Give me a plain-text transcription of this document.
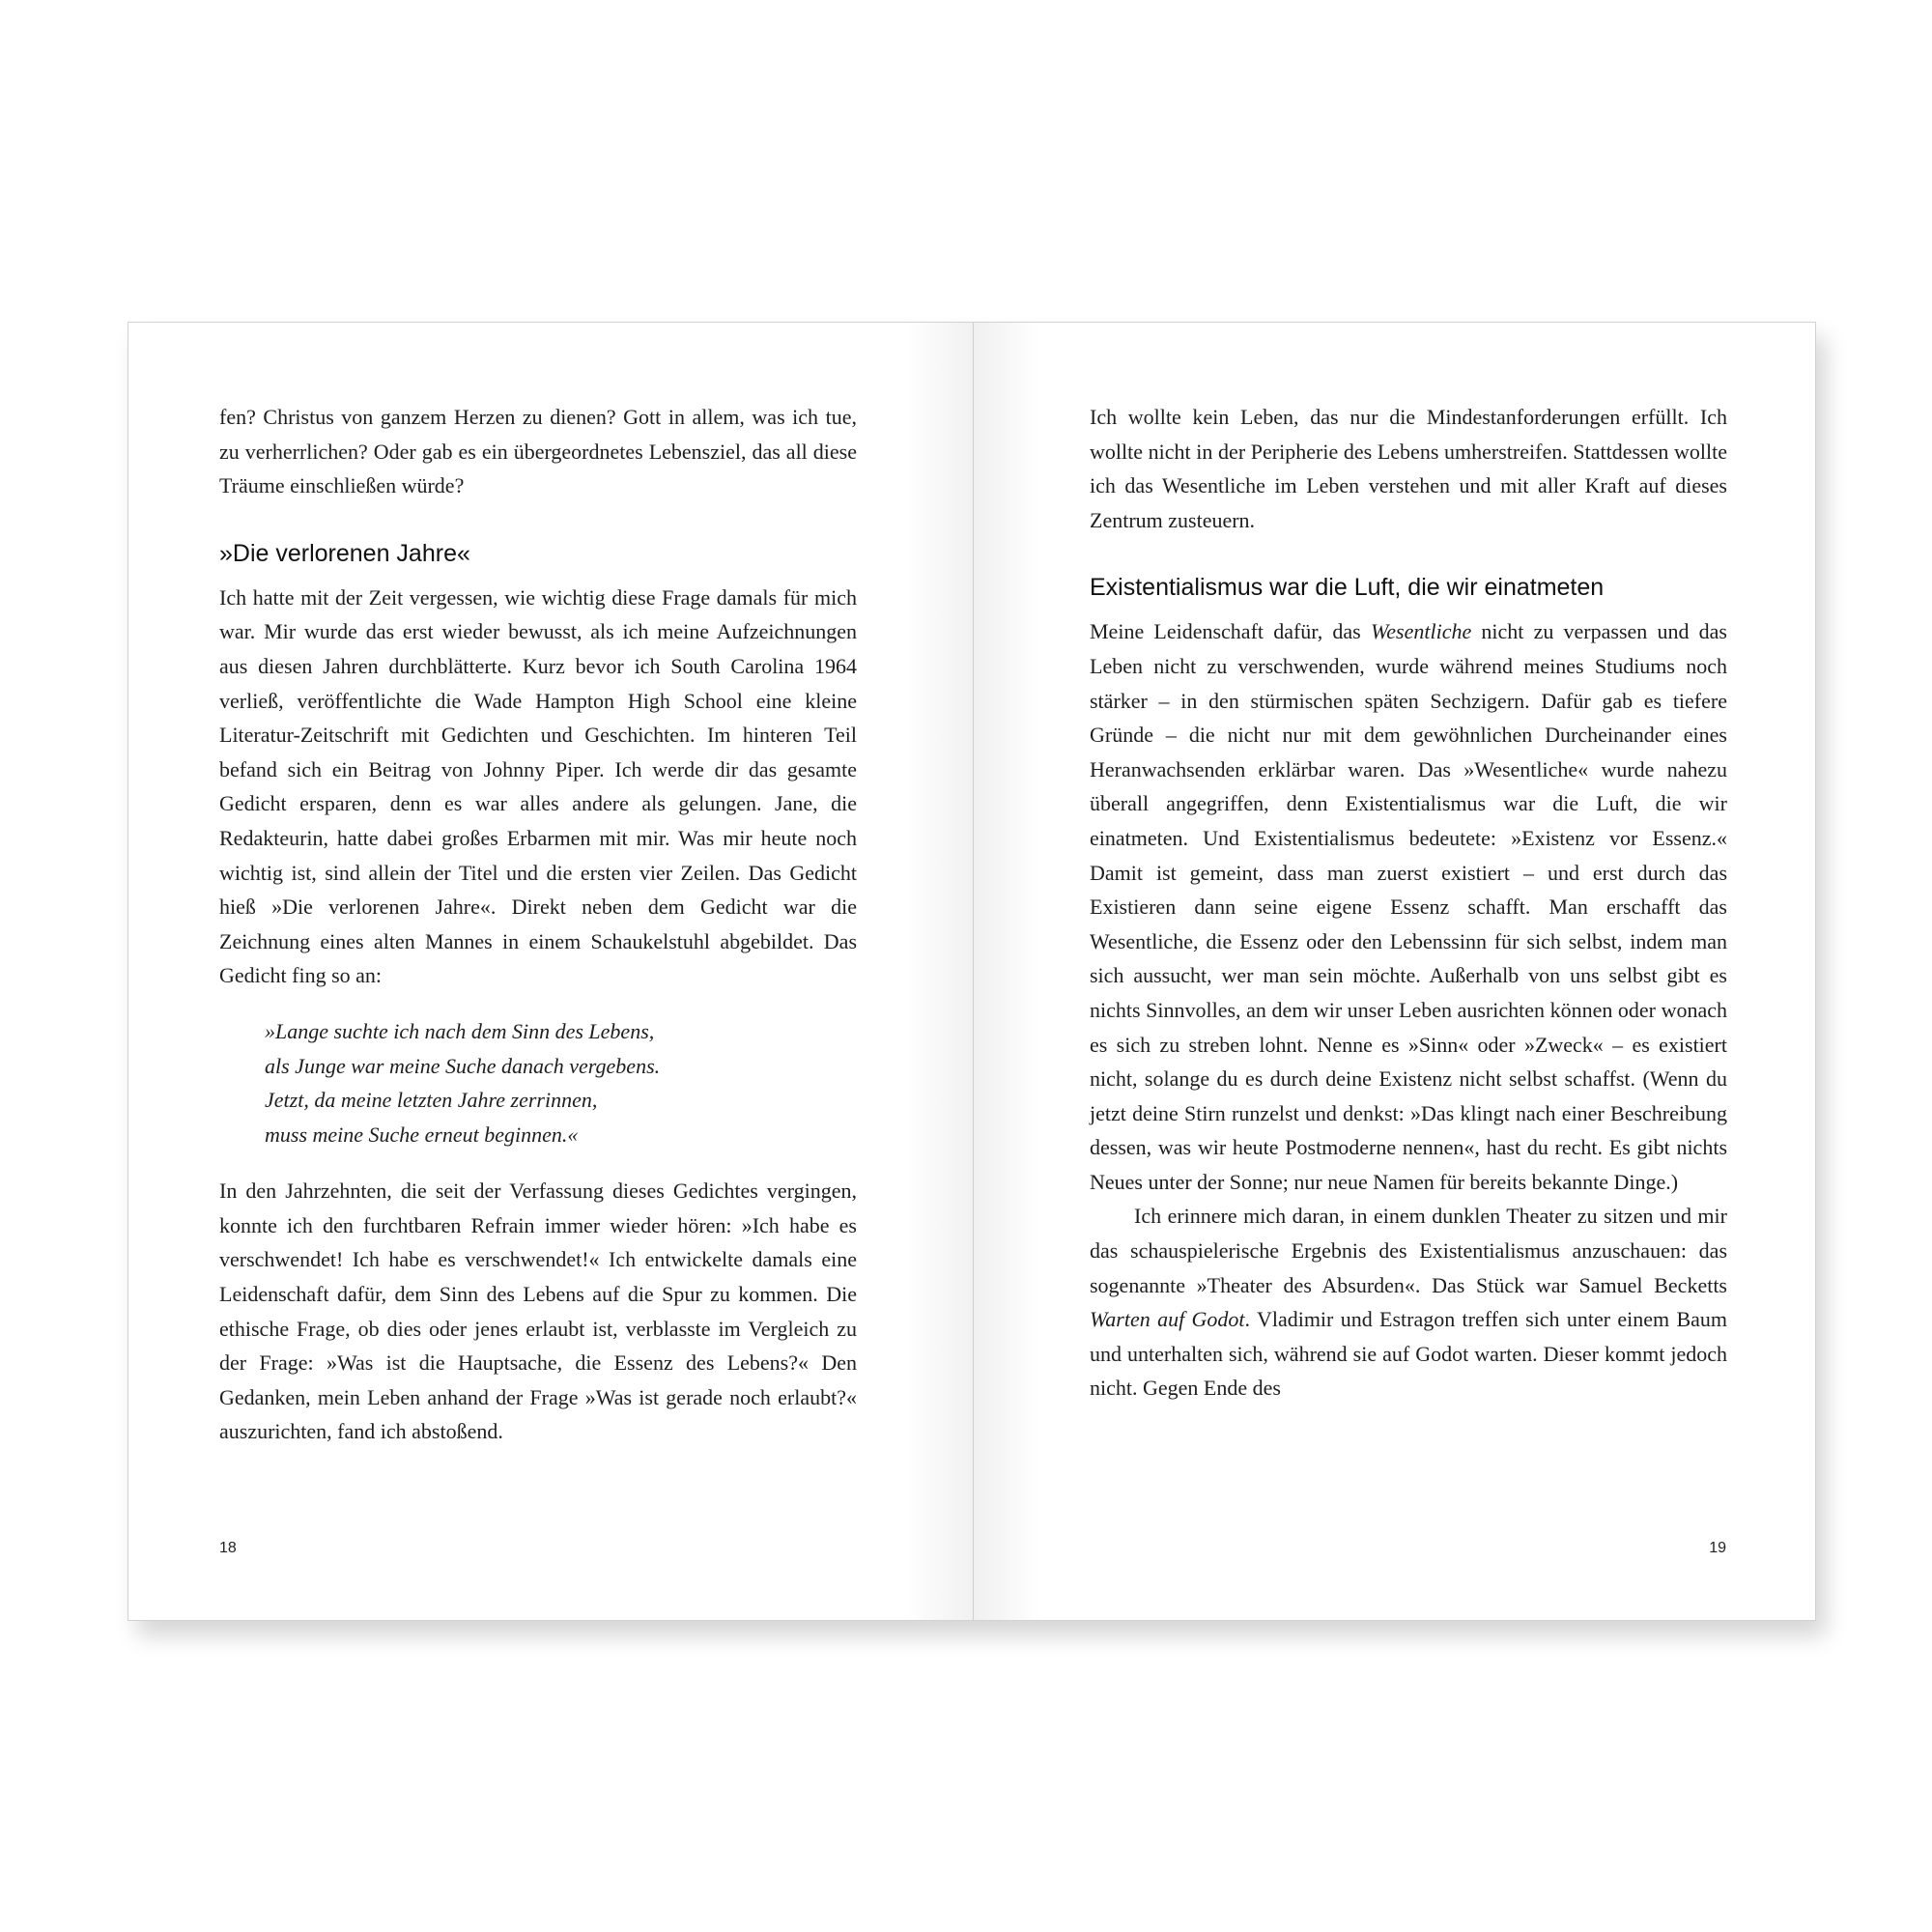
fen? Christus von ganzem Herzen zu dienen? Gott in allem, was ich tue, zu verherrlichen? Oder gab es ein übergeordnetes Lebensziel, das all diese Träume einschließen würde?

»Die verlorenen Jahre«

Ich hatte mit der Zeit vergessen, wie wichtig diese Frage damals für mich war. Mir wurde das erst wieder bewusst, als ich meine Aufzeichnungen aus diesen Jahren durchblätterte. Kurz bevor ich South Carolina 1964 verließ, veröffentlichte die Wade Hampton High School eine kleine Literatur-Zeitschrift mit Gedichten und Geschichten. Im hinteren Teil befand sich ein Beitrag von Johnny Piper. Ich werde dir das gesamte Gedicht ersparen, denn es war alles andere als gelungen. Jane, die Redakteurin, hatte dabei großes Erbarmen mit mir. Was mir heute noch wichtig ist, sind allein der Titel und die ersten vier Zeilen. Das Gedicht hieß »Die verlorenen Jahre«. Direkt neben dem Gedicht war die Zeichnung eines alten Mannes in einem Schaukelstuhl abgebildet. Das Gedicht fing so an:

»Lange suchte ich nach dem Sinn des Lebens,
als Junge war meine Suche danach vergebens.
Jetzt, da meine letzten Jahre zerrinnen,
muss meine Suche erneut beginnen.«

In den Jahrzehnten, die seit der Verfassung dieses Gedichtes vergingen, konnte ich den furchtbaren Refrain immer wieder hören: »Ich habe es verschwendet! Ich habe es verschwendet!« Ich entwickelte damals eine Leidenschaft dafür, dem Sinn des Lebens auf die Spur zu kommen. Die ethische Frage, ob dies oder jenes erlaubt ist, verblasste im Vergleich zu der Frage: »Was ist die Hauptsache, die Essenz des Lebens?« Den Gedanken, mein Leben anhand der Frage »Was ist gerade noch erlaubt?« auszurichten, fand ich abstoßend.

18

Ich wollte kein Leben, das nur die Mindestanforderungen erfüllt. Ich wollte nicht in der Peripherie des Lebens umherstreifen. Stattdessen wollte ich das Wesentliche im Leben verstehen und mit aller Kraft auf dieses Zentrum zusteuern.

Existentialismus war die Luft, die wir einatmeten

Meine Leidenschaft dafür, das Wesentliche nicht zu verpassen und das Leben nicht zu verschwenden, wurde während meines Studiums noch stärker – in den stürmischen späten Sechzigern. Dafür gab es tiefere Gründe – die nicht nur mit dem gewöhnlichen Durcheinander eines Heranwachsenden erklärbar waren. Das »Wesentliche« wurde nahezu überall angegriffen, denn Existentialismus war die Luft, die wir einatmeten. Und Existentialismus bedeutete: »Existenz vor Essenz.« Damit ist gemeint, dass man zuerst existiert – und erst durch das Existieren dann seine eigene Essenz schafft. Man erschafft das Wesentliche, die Essenz oder den Lebenssinn für sich selbst, indem man sich aussucht, wer man sein möchte. Außerhalb von uns selbst gibt es nichts Sinnvolles, an dem wir unser Leben ausrichten können oder wonach es sich zu streben lohnt. Nenne es »Sinn« oder »Zweck« – es existiert nicht, solange du es durch deine Existenz nicht selbst schaffst. (Wenn du jetzt deine Stirn runzelst und denkst: »Das klingt nach einer Beschreibung dessen, was wir heute Postmoderne nennen«, hast du recht. Es gibt nichts Neues unter der Sonne; nur neue Namen für bereits bekannte Dinge.)

Ich erinnere mich daran, in einem dunklen Theater zu sitzen und mir das schauspielerische Ergebnis des Existentialismus anzuschauen: das sogenannte »Theater des Absurden«. Das Stück war Samuel Becketts Warten auf Godot. Vladimir und Estragon treffen sich unter einem Baum und unterhalten sich, während sie auf Godot warten. Dieser kommt jedoch nicht. Gegen Ende des

19
